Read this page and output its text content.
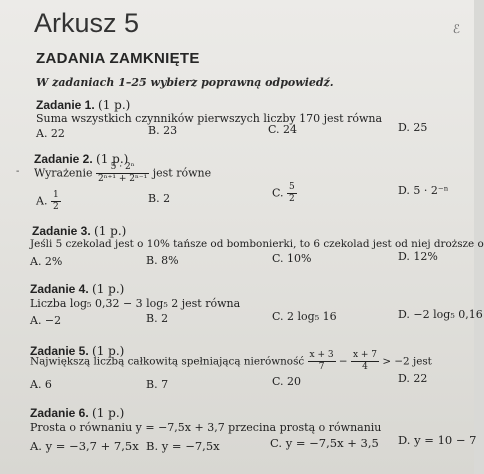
Arkusz 5	ℰ
ZADANIA ZAMKNIĘTE
W zadaniach 1–25 wybierz poprawną odpowiedź.
Zadanie 1. (1 p.)
Suma wszystkich czynników pierwszych liczby 170 jest równa
A. 22	B. 23	C. 24	D. 25
Zadanie 2. (1 p.)
- Wyrażenie $\frac{\text{5 · 2ⁿ}}{\text{2ⁿ⁺¹ + 2ⁿ⁻¹}}$ jest równe
A. $\frac{1}{2}$	B. 2	C. $\frac{5}{2}$	D. 5 · 2⁻ⁿ
Zadanie 3. (1 p.)
Jeśli 5 czekolad jest o 10% tańsze od bombonierki, to 6 czekolad jest od niej droższe o
A. 2%	B. 8%	C. 10%	D. 12%
Zadanie 4. (1 p.)
Liczba log₅ 0,32 − 3 log₅ 2 jest równa
A. −2	B. 2	C. 2 log₅ 16	D. −2 log₅ 0,16
Zadanie 5. (1 p.)
Największą liczbą całkowitą spełniającą nierówność $\frac{x + 3}{7} - \frac{x + 7}{4} > -2$ jest
A. 6	B. 7	C. 20	D. 22
Zadanie 6. (1 p.)
Prosta o równaniu y = −7,5x + 3,7 przecina prostą o równaniu
A. y = −3,7 + 7,5x B. y = −7,5x	C. y = −7,5x + 3,5 D. y = 10 − 7
